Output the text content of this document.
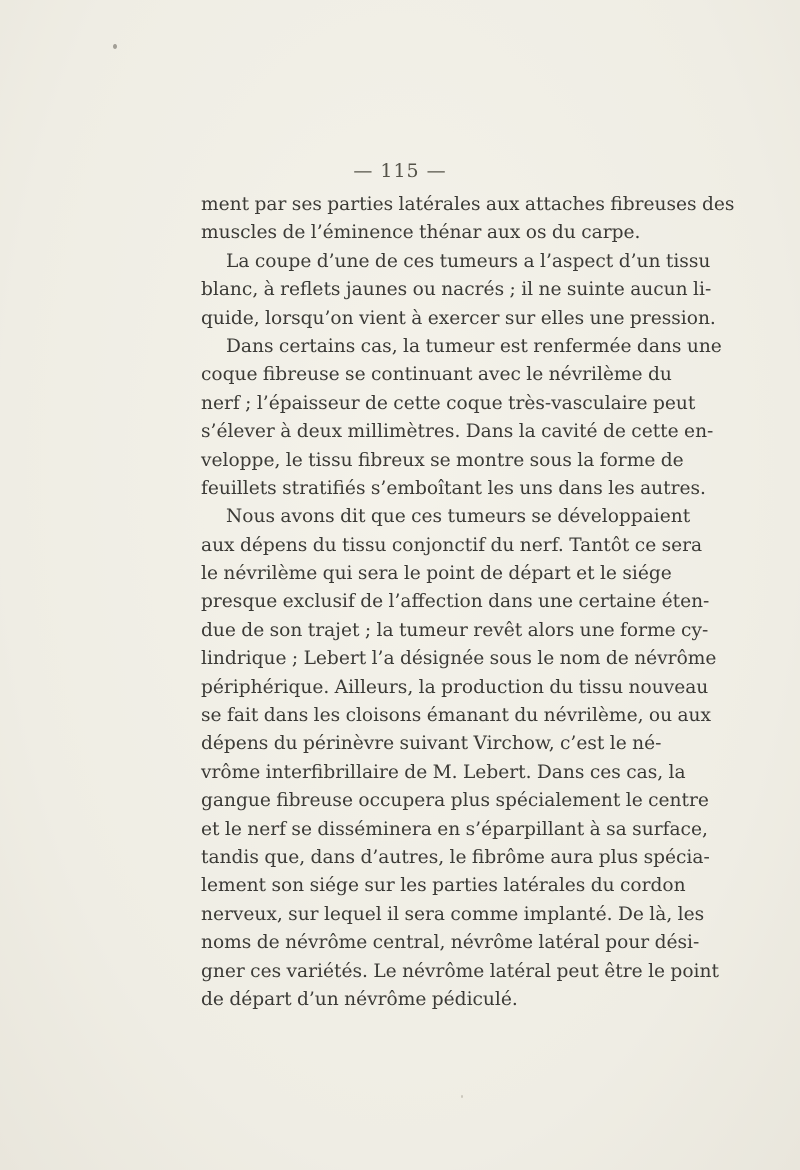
— 115 —
ment par ses parties latérales aux attaches fibreuses des
muscles de l’éminence thénar aux os du carpe.
La coupe d’une de ces tumeurs a l’aspect d’un tissu
blanc, à reflets jaunes ou nacrés ; il ne suinte aucun li-
quide, lorsqu’on vient à exercer sur elles une pression.
Dans certains cas, la tumeur est renfermée dans une
coque fibreuse se continuant avec le névrilème du
nerf ; l’épaisseur de cette coque très-vasculaire peut
s’élever à deux millimètres. Dans la cavité de cette en-
veloppe, le tissu fibreux se montre sous la forme de
feuillets stratifiés s’emboîtant les uns dans les autres.
Nous avons dit que ces tumeurs se développaient
aux dépens du tissu conjonctif du nerf. Tantôt ce sera
le névrilème qui sera le point de départ et le siége
presque exclusif de l’affection dans une certaine éten-
due de son trajet ; la tumeur revêt alors une forme cy-
lindrique ; Lebert l’a désignée sous le nom de névrôme
périphérique. Ailleurs, la production du tissu nouveau
se fait dans les cloisons émanant du névrilème, ou aux
dépens du périnèvre suivant Virchow, c’est le né-
vrôme interfibrillaire de M. Lebert. Dans ces cas, la
gangue fibreuse occupera plus spécialement le centre
et le nerf se disséminera en s’éparpillant à sa surface,
tandis que, dans d’autres, le fibrôme aura plus spécia-
lement son siége sur les parties latérales du cordon
nerveux, sur lequel il sera comme implanté. De là, les
noms de névrôme central, névrôme latéral pour dési-
gner ces variétés. Le névrôme latéral peut être le point
de départ d’un névrôme pédiculé.
